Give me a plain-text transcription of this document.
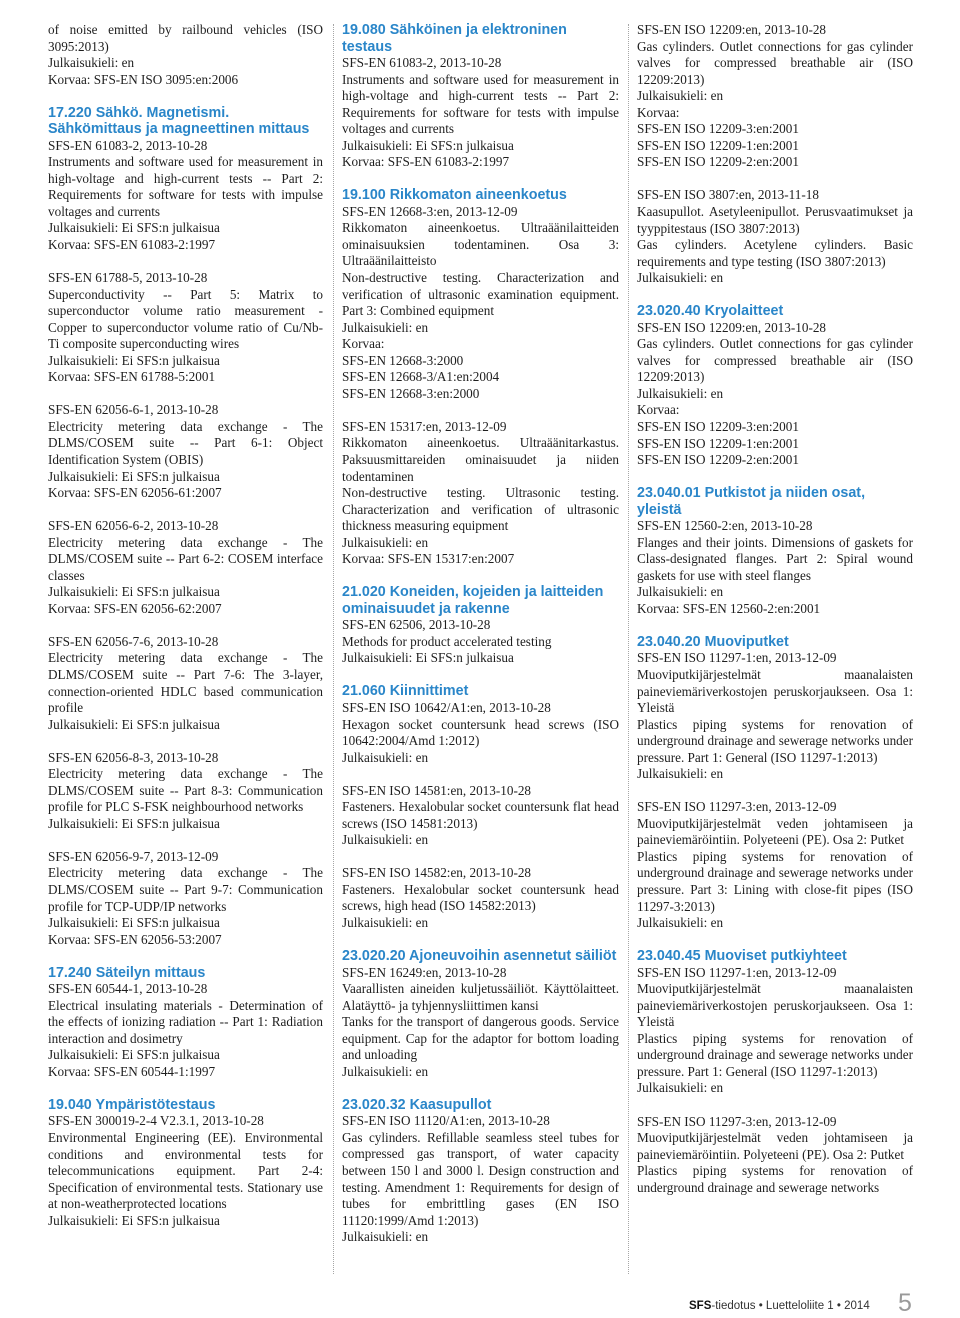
of noise emitted by railbound vehicles (ISO 3095:2013)
Julkaisukieli: en
Korvaa: SFS-EN ISO 3095:en:2006
17.220 Sähkö. Magnetismi. Sähkömittaus ja magneettinen mittaus
SFS-EN 61083-2, 2013-10-28
Instruments and software used for measurement in high-voltage and high-current tests -- Part 2: Requirements for software for tests with impulse voltages and currents
Julkaisukieli: Ei SFS:n julkaisua
Korvaa: SFS-EN 61083-2:1997
SFS-EN 61788-5, 2013-10-28
Superconductivity -- Part 5: Matrix to superconductor volume ratio measurement - Copper to superconductor volume ratio of Cu/Nb-Ti composite superconducting wires
Julkaisukieli: Ei SFS:n julkaisua
Korvaa: SFS-EN 61788-5:2001
SFS-EN 62056-6-1, 2013-10-28
Electricity metering data exchange - The DLMS/COSEM suite -- Part 6-1: Object Identification System (OBIS)
Julkaisukieli: Ei SFS:n julkaisua
Korvaa: SFS-EN 62056-61:2007
SFS-EN 62056-6-2, 2013-10-28
Electricity metering data exchange - The DLMS/COSEM suite -- Part 6-2: COSEM interface classes
Julkaisukieli: Ei SFS:n julkaisua
Korvaa: SFS-EN 62056-62:2007
SFS-EN 62056-7-6, 2013-10-28
Electricity metering data exchange - The DLMS/COSEM suite -- Part 7-6: The 3-layer, connection-oriented HDLC based communication profile
Julkaisukieli: Ei SFS:n julkaisua
SFS-EN 62056-8-3, 2013-10-28
Electricity metering data exchange - The DLMS/COSEM suite -- Part 8-3: Communication profile for PLC S-FSK neighbourhood networks
Julkaisukieli: Ei SFS:n julkaisua
SFS-EN 62056-9-7, 2013-12-09
Electricity metering data exchange - The DLMS/COSEM suite -- Part 9-7: Communication profile for TCP-UDP/IP networks
Julkaisukieli: Ei SFS:n julkaisua
Korvaa: SFS-EN 62056-53:2007
17.240 Säteilyn mittaus
SFS-EN 60544-1, 2013-10-28
Electrical insulating materials - Determination of the effects of ionizing radiation -- Part 1: Radiation interaction and dosimetry
Julkaisukieli: Ei SFS:n julkaisua
Korvaa: SFS-EN 60544-1:1997
19.040 Ympäristötestaus
SFS-EN 300019-2-4 V2.3.1, 2013-10-28
Environmental Engineering (EE). Environmental conditions and environmental tests for telecommunications equipment. Part 2-4: Specification of environmental tests. Stationary use at non-weatherprotected locations
Julkaisukieli: Ei SFS:n julkaisua
19.080 Sähköinen ja elektroninen testaus
SFS-EN 61083-2, 2013-10-28
Instruments and software used for measurement in high-voltage and high-current tests -- Part 2: Requirements for software for tests with impulse voltages and currents
Julkaisukieli: Ei SFS:n julkaisua
Korvaa: SFS-EN 61083-2:1997
19.100 Rikkomaton aineenkoetus
SFS-EN 12668-3:en, 2013-12-09
Rikkomaton aineenkoetus. Ultraäänilaitteiden ominaisuuksien todentaminen. Osa 3: Ultraäänilaitteisto
Non-destructive testing. Characterization and verification of ultrasonic examination equipment. Part 3: Combined equipment
Julkaisukieli: en
Korvaa:
SFS-EN 12668-3:2000
SFS-EN 12668-3/A1:en:2004
SFS-EN 12668-3:en:2000
SFS-EN 15317:en, 2013-12-09
Rikkomaton aineenkoetus. Ultraäänitarkastus. Paksuusmittareiden ominaisuudet ja niiden todentaminen
Non-destructive testing. Ultrasonic testing. Characterization and verification of ultrasonic thickness measuring equipment
Julkaisukieli: en
Korvaa: SFS-EN 15317:en:2007
21.020 Koneiden, kojeiden ja laitteiden ominaisuudet ja rakenne
SFS-EN 62506, 2013-10-28
Methods for product accelerated testing
Julkaisukieli: Ei SFS:n julkaisua
21.060 Kiinnittimet
SFS-EN ISO 10642/A1:en, 2013-10-28
Hexagon socket countersunk head screws (ISO 10642:2004/Amd 1:2012)
Julkaisukieli: en
SFS-EN ISO 14581:en, 2013-10-28
Fasteners. Hexalobular socket countersunk flat head screws (ISO 14581:2013)
Julkaisukieli: en
SFS-EN ISO 14582:en, 2013-10-28
Fasteners. Hexalobular socket countersunk head screws, high head (ISO 14582:2013)
Julkaisukieli: en
23.020.20 Ajoneuvoihin asennetut säiliöt
SFS-EN 16249:en, 2013-10-28
Vaarallisten aineiden kuljetussäiliöt. Käyttölaitteet. Alatäyttö- ja tyhjennysliittimen kansi
Tanks for the transport of dangerous goods. Service equipment. Cap for the adaptor for bottom loading and unloading
Julkaisukieli: en
23.020.32 Kaasupullot
SFS-EN ISO 11120/A1:en, 2013-10-28
Gas cylinders. Refillable seamless steel tubes for compressed gas transport, of water capacity between 150 l and 3000 l. Design construction and testing. Amendment 1: Requirements for design of tubes for embrittling gases (EN ISO 11120:1999/Amd 1:2013)
Julkaisukieli: en
SFS-EN ISO 12209:en, 2013-10-28
Gas cylinders. Outlet connections for gas cylinder valves for compressed breathable air (ISO 12209:2013)
Julkaisukieli: en
Korvaa:
SFS-EN ISO 12209-3:en:2001
SFS-EN ISO 12209-1:en:2001
SFS-EN ISO 12209-2:en:2001
SFS-EN ISO 3807:en, 2013-11-18
Kaasupullot. Asetyleenipullot. Perusvaatimukset ja tyyppitestaus (ISO 3807:2013)
Gas cylinders. Acetylene cylinders. Basic requirements and type testing (ISO 3807:2013)
Julkaisukieli: en
23.020.40 Kryolaitteet
SFS-EN ISO 12209:en, 2013-10-28
Gas cylinders. Outlet connections for gas cylinder valves for compressed breathable air (ISO 12209:2013)
Julkaisukieli: en
Korvaa:
SFS-EN ISO 12209-3:en:2001
SFS-EN ISO 12209-1:en:2001
SFS-EN ISO 12209-2:en:2001
23.040.01 Putkistot ja niiden osat, yleistä
SFS-EN 12560-2:en, 2013-10-28
Flanges and their joints. Dimensions of gaskets for Class-designated flanges. Part 2: Spiral wound gaskets for use with steel flanges
Julkaisukieli: en
Korvaa: SFS-EN 12560-2:en:2001
23.040.20 Muoviputket
SFS-EN ISO 11297-1:en, 2013-12-09
Muoviputkijärjestelmät maanalaisten paineviemäriverkostojen peruskorjaukseen. Osa 1: Yleistä
Plastics piping systems for renovation of underground drainage and sewerage networks under pressure. Part 1: General (ISO 11297-1:2013)
Julkaisukieli: en
SFS-EN ISO 11297-3:en, 2013-12-09
Muoviputkijärjestelmät veden johtamiseen ja paineviemäröintiin. Polyeteeni (PE). Osa 2: Putket
Plastics piping systems for renovation of underground drainage and sewerage networks under pressure. Part 3: Lining with close-fit pipes (ISO 11297-3:2013)
Julkaisukieli: en
23.040.45 Muoviset putkiyhteet
SFS-EN ISO 11297-1:en, 2013-12-09
Muoviputkijärjestelmät maanalaisten paineviemäriverkostojen peruskorjaukseen. Osa 1: Yleistä
Plastics piping systems for renovation of underground drainage and sewerage networks under pressure. Part 1: General (ISO 11297-1:2013)
Julkaisukieli: en
SFS-EN ISO 11297-3:en, 2013-12-09
Muoviputkijärjestelmät veden johtamiseen ja paineviemäröintiin. Polyeteeni (PE). Osa 2: Putket
Plastics piping systems for renovation of underground drainage and sewerage networks
SFS-tiedotus • Luetteloliite 1 • 2014 5
